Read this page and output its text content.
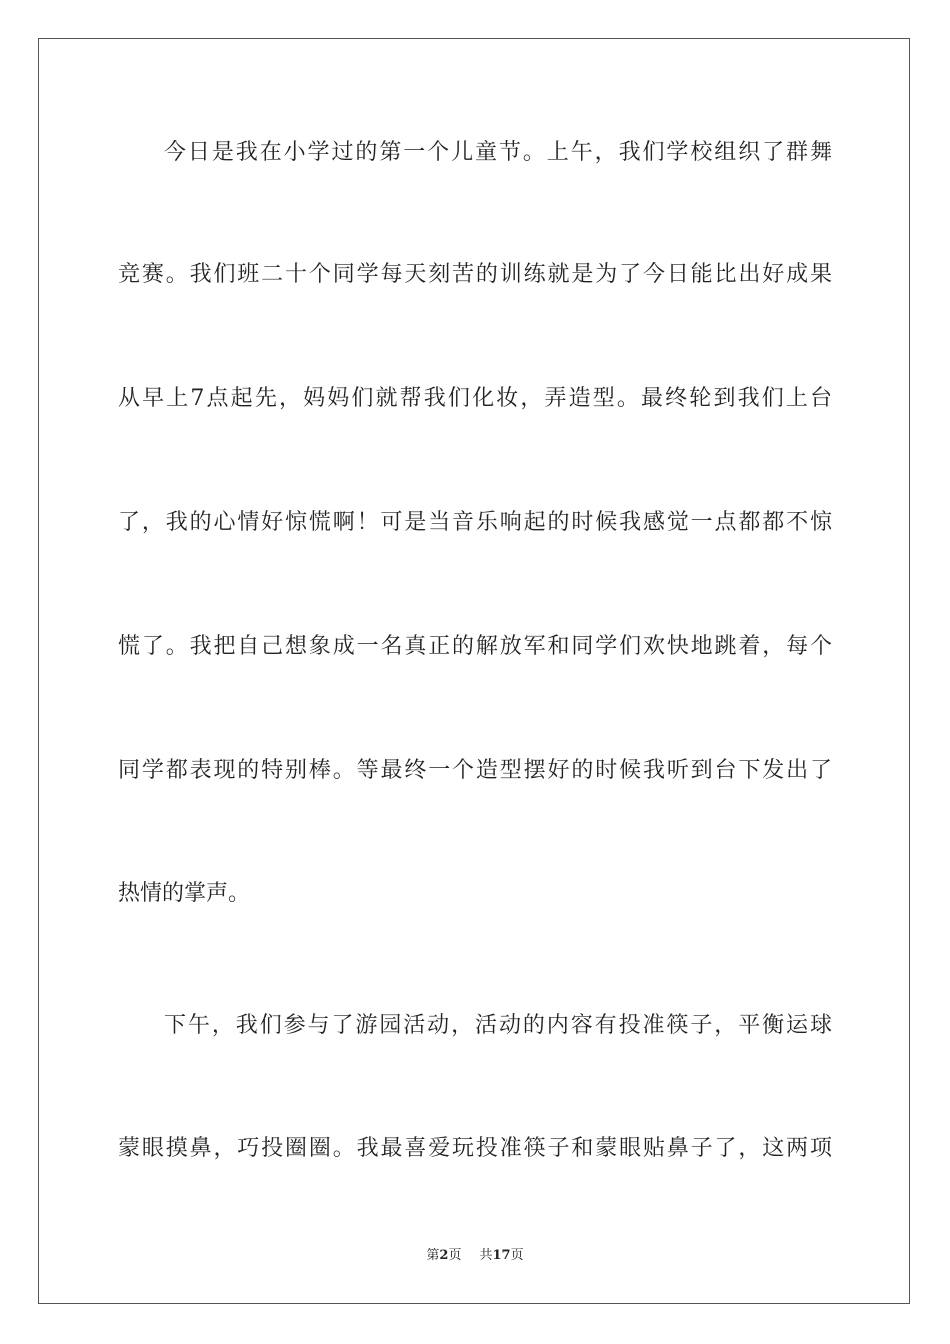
今日是我在小学过的第一个儿童节。上午，我们学校组织了群舞
竞赛。我们班二十个同学每天刻苦的训练就是为了今日能比出好成果
从早上7点起先，妈妈们就帮我们化妆，弄造型。最终轮到我们上台
了，我的心情好惊慌啊！可是当音乐响起的时候我感觉一点都都不惊
慌了。我把自己想象成一名真正的解放军和同学们欢快地跳着，每个
同学都表现的特别棒。等最终一个造型摆好的时候我听到台下发出了
热情的掌声。
下午，我们参与了游园活动，活动的内容有投准筷子，平衡运球
蒙眼摸鼻，巧投圈圈。我最喜爱玩投准筷子和蒙眼贴鼻子了，这两项
第2页 共17页
